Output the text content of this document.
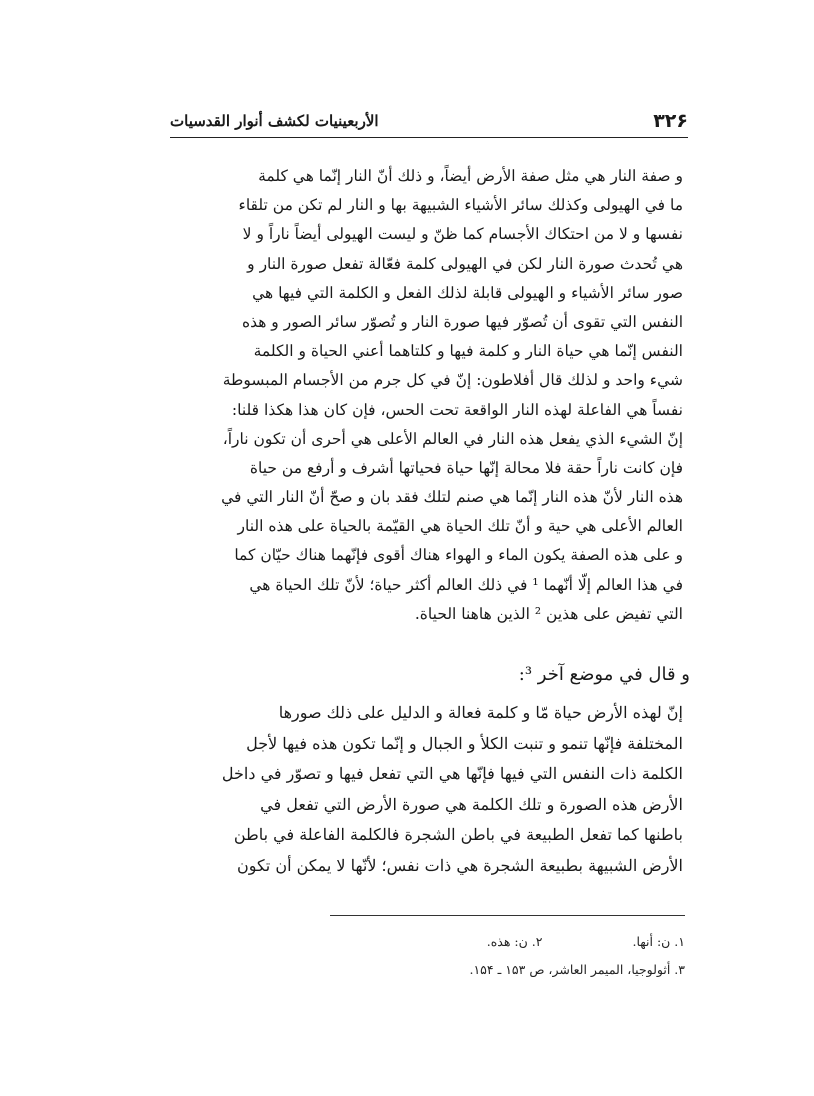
۳۲۶
الأربعينيات لكشف أنوار القدسيات
و صفة النار هي مثل صفة الأرض أيضاً، و ذلك أنّ النار إنّما هي كلمة
ما في الهيولى وكذلك سائر الأشياء الشبيهة بها و النار لم تكن من تلقاء
نفسها و لا من احتكاك الأجسام كما ظنّ و ليست الهيولى أيضاً ناراً و لا
هي تُحدث صورة النار لكن في الهيولى كلمة فعّالة تفعل صورة النار و
صور سائر الأشياء و الهيولى قابلة لذلك الفعل و الكلمة التي فيها هي
النفس التي تقوى أن تُصوّر فيها صورة النار و تُصوّر سائر الصور و هذه
النفس إنّما هي حياة النار و كلمة فيها و كلتاهما أعني الحياة و الكلمة
شيء واحد و لذلك قال أفلاطون: إنّ في كل جرم من الأجسام المبسوطة
نفساً هي الفاعلة لهذه النار الواقعة تحت الحس، فإن كان هذا هكذا قلنا:
إنّ الشيء الذي يفعل هذه النار في العالم الأعلى هي أحرى أن تكون ناراً،
فإن كانت ناراً حقة فلا محالة إنّها حياة فحياتها أشرف و أرفع من حياة
هذه النار لأنّ هذه النار إنّما هي صنم لتلك فقد بان و صحّ أنّ النار التي في
العالم الأعلى هي حية و أنّ تلك الحياة هي القيّمة بالحياة على هذه النار
و على هذه الصفة يكون الماء و الهواء هناك أقوى فإنّهما هناك حيّان كما
في هذا العالم إلّا أنّهما ¹ في ذلك العالم أكثر حياة؛ لأنّ تلك الحياة هي
التي تفيض على هذين ² الذين هاهنا الحياة.

و قال في موضع آخر ³:

إنّ لهذه الأرض حياة مّا و كلمة فعالة و الدليل على ذلك صورها
المختلفة فإنّها تنمو و تنبت الكلأ و الجبال و إنّما تكون هذه فيها لأجل
الكلمة ذات النفس التي فيها فإنّها هي التي تفعل فيها و تصوّر في داخل
الأرض هذه الصورة و تلك الكلمة هي صورة الأرض التي تفعل في
باطنها كما تفعل الطبيعة في باطن الشجرة فالكلمة الفاعلة في باطن
الأرض الشبيهة بطبيعة الشجرة هي ذات نفس؛ لأنّها لا يمكن أن تكون
۱. ن: أنها.
۲. ن: هذه.
۳. أثولوجيا، الميمر العاشر، ص ۱۵۳ ـ ۱۵۴.
